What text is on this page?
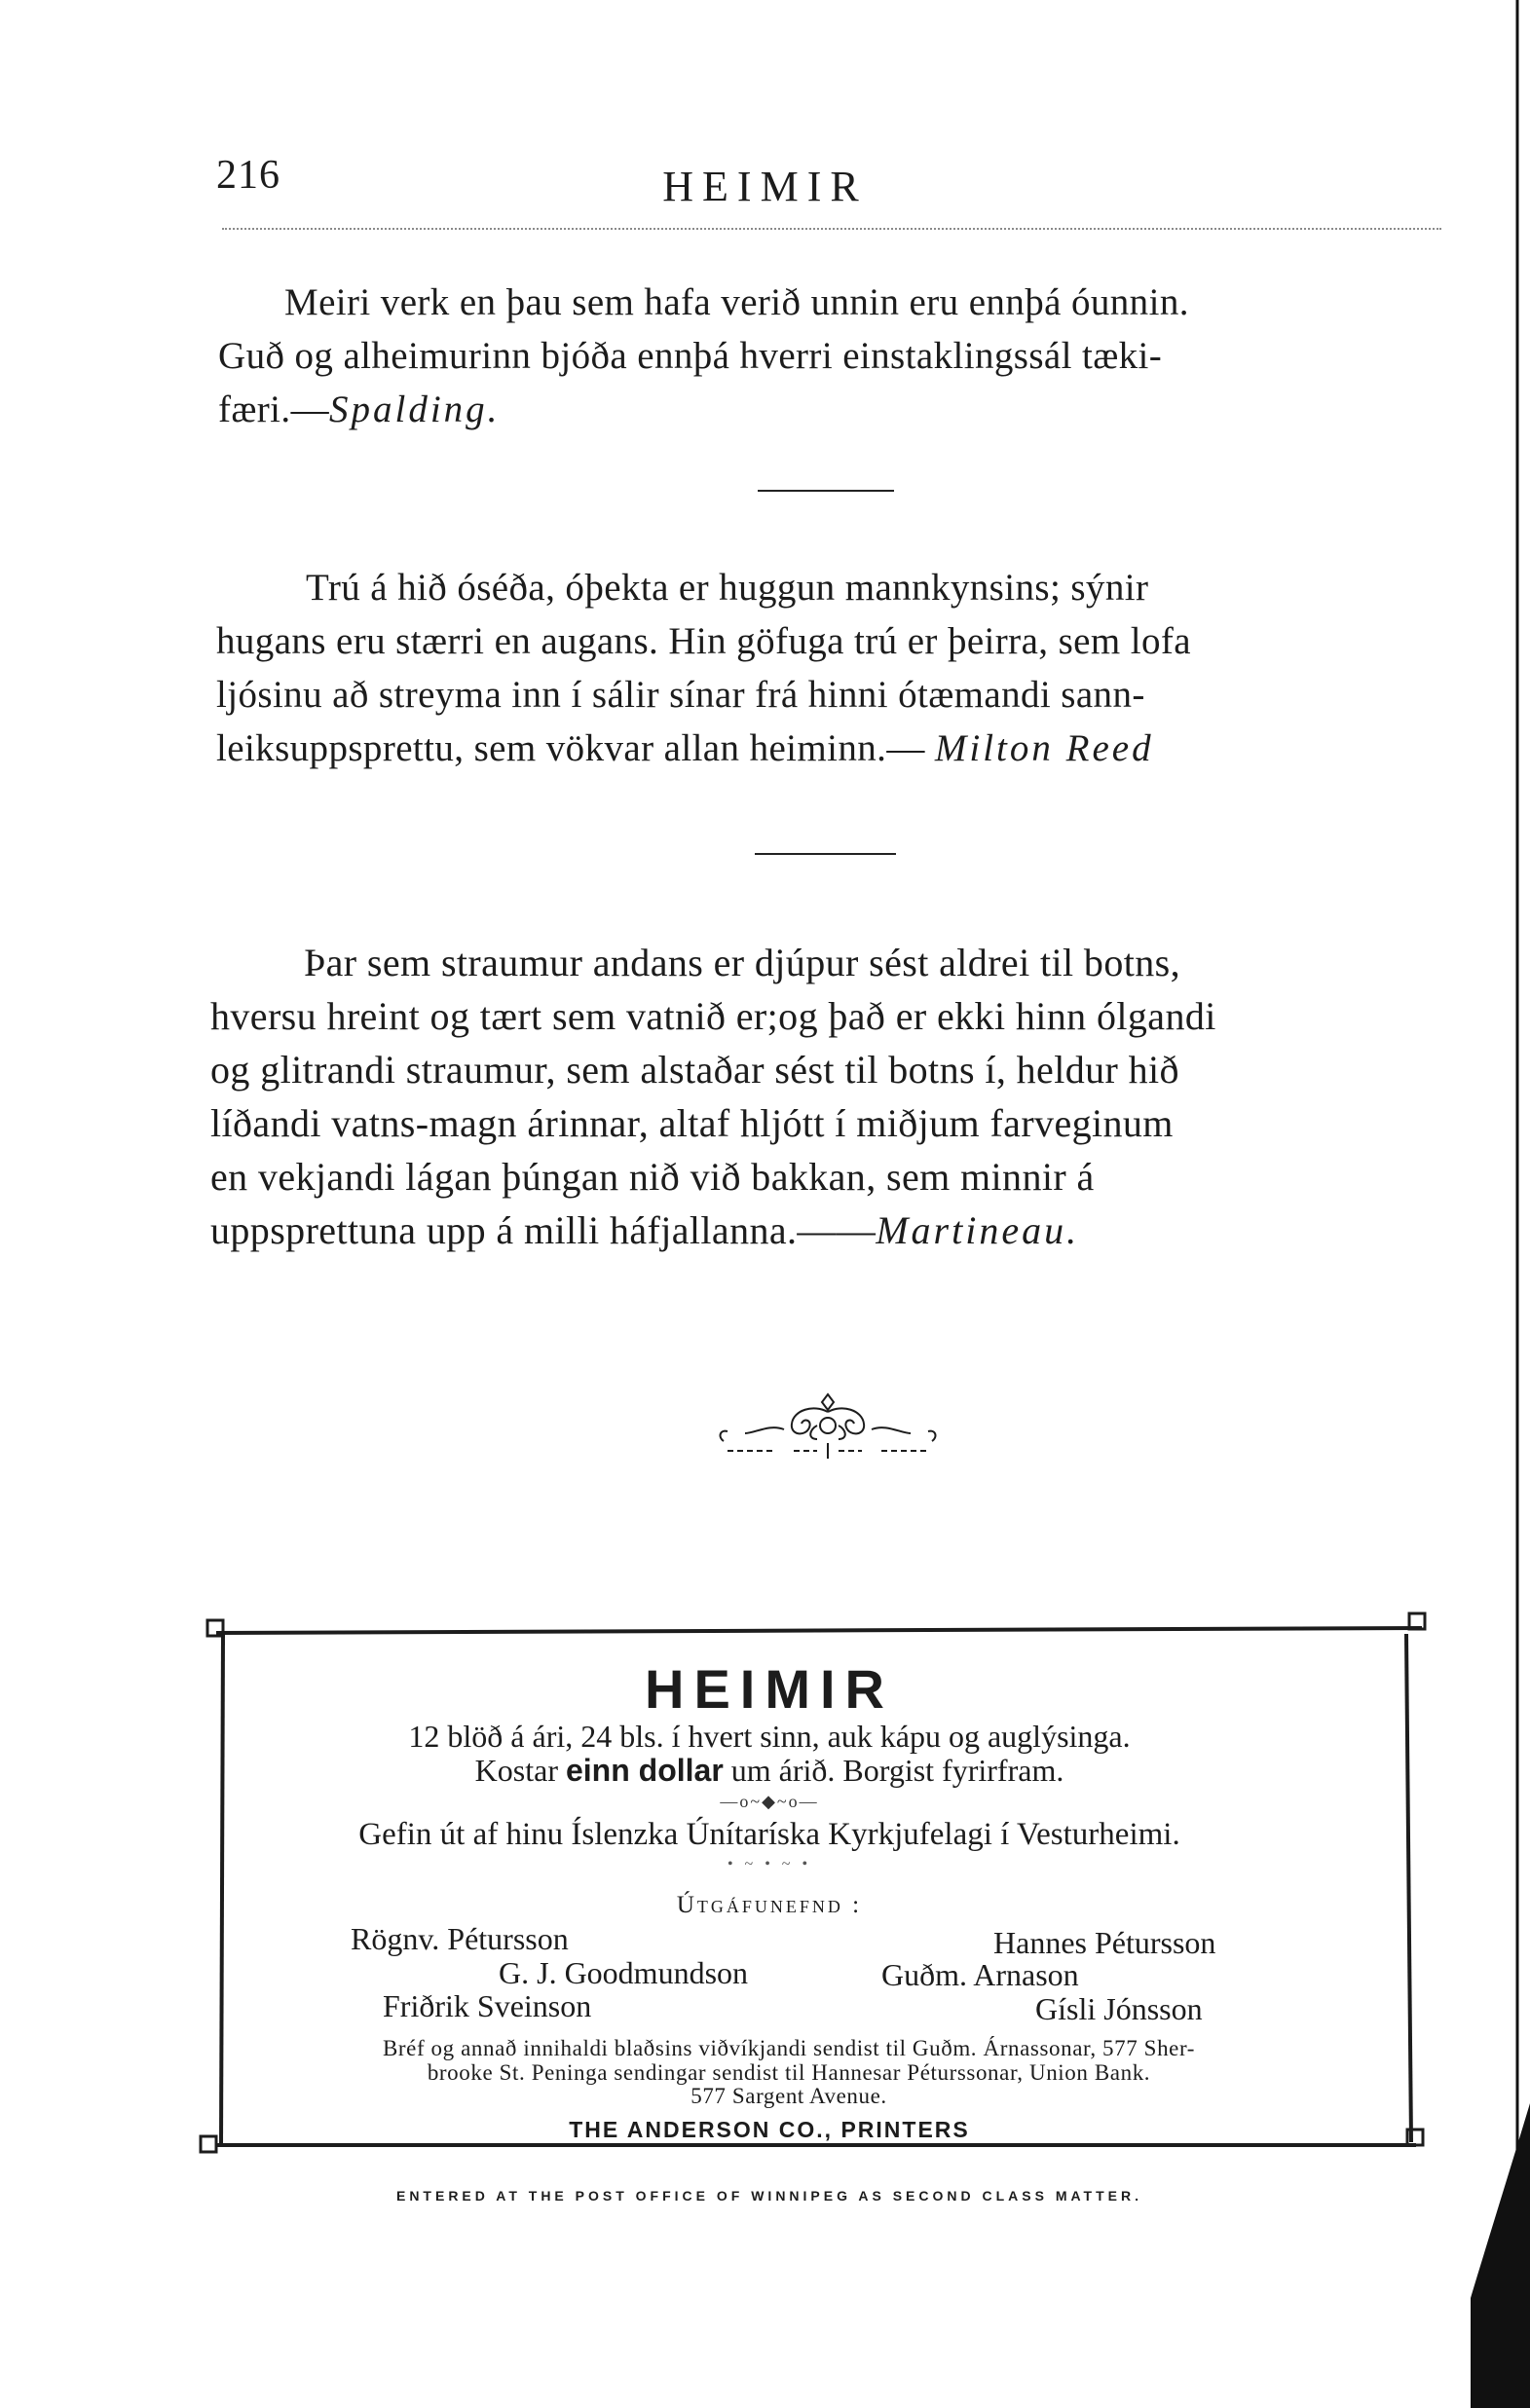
216	HEIMIR

Meiri verk en þau sem hafa verið unnin eru ennþá óunnin.
Guð og alheimurinn bjóða ennþá hverri einstaklingssál tæki-
færi.—Spalding.

Trú á hið óséða, óþekta er huggun mannkynsins; sýnir
hugans eru stærri en augans. Hin göfuga trú er þeirra, sem lofa
ljósinu að streyma inn í sálir sínar frá hinni ótæmandi sann-
leiksuppsprettu, sem vökvar allan heiminn.— Milton Reed

Þar sem straumur andans er djúpur sést aldrei til botns,
hversu hreint og tært sem vatnið er;og það er ekki hinn ólgandi
og glitrandi straumur, sem alstaðar sést til botns í, heldur hið
líðandi vatns-magn árinnar, altaf hljótt í miðjum farveginum
en vekjandi lágan þúngan nið við bakkan, sem minnir á
uppsprettuna upp á milli háfjallanna.——Martineau.

HEIMIR
12 blöð á ári, 24 bls. í hvert sinn, auk kápu og auglýsinga.
Kostar einn dollar um árið. Borgist fyrirfram.
—o~◆~o—
Gefin út af hinu Íslenzka Únítaríska Kyrkjufelagi í Vesturheimi.
• ~ • ~ •
Útgáfunefnd :
Rögnv. Pétursson	Hannes Pétursson
G. J. Goodmundson	Guðm. Arnason
Friðrik Sveinson	Gísli Jónsson
Bréf og annað innihaldi blaðsins viðvíkjandi sendist til Guðm. Árnassonar, 577 Sher-
brooke St. Peninga sendingar sendist til Hannesar Péturssonar, Union Bank.
577 Sargent Avenue.
THE ANDERSON CO., PRINTERS
ENTERED AT THE POST OFFICE OF WINNIPEG AS SECOND CLASS MATTER.
